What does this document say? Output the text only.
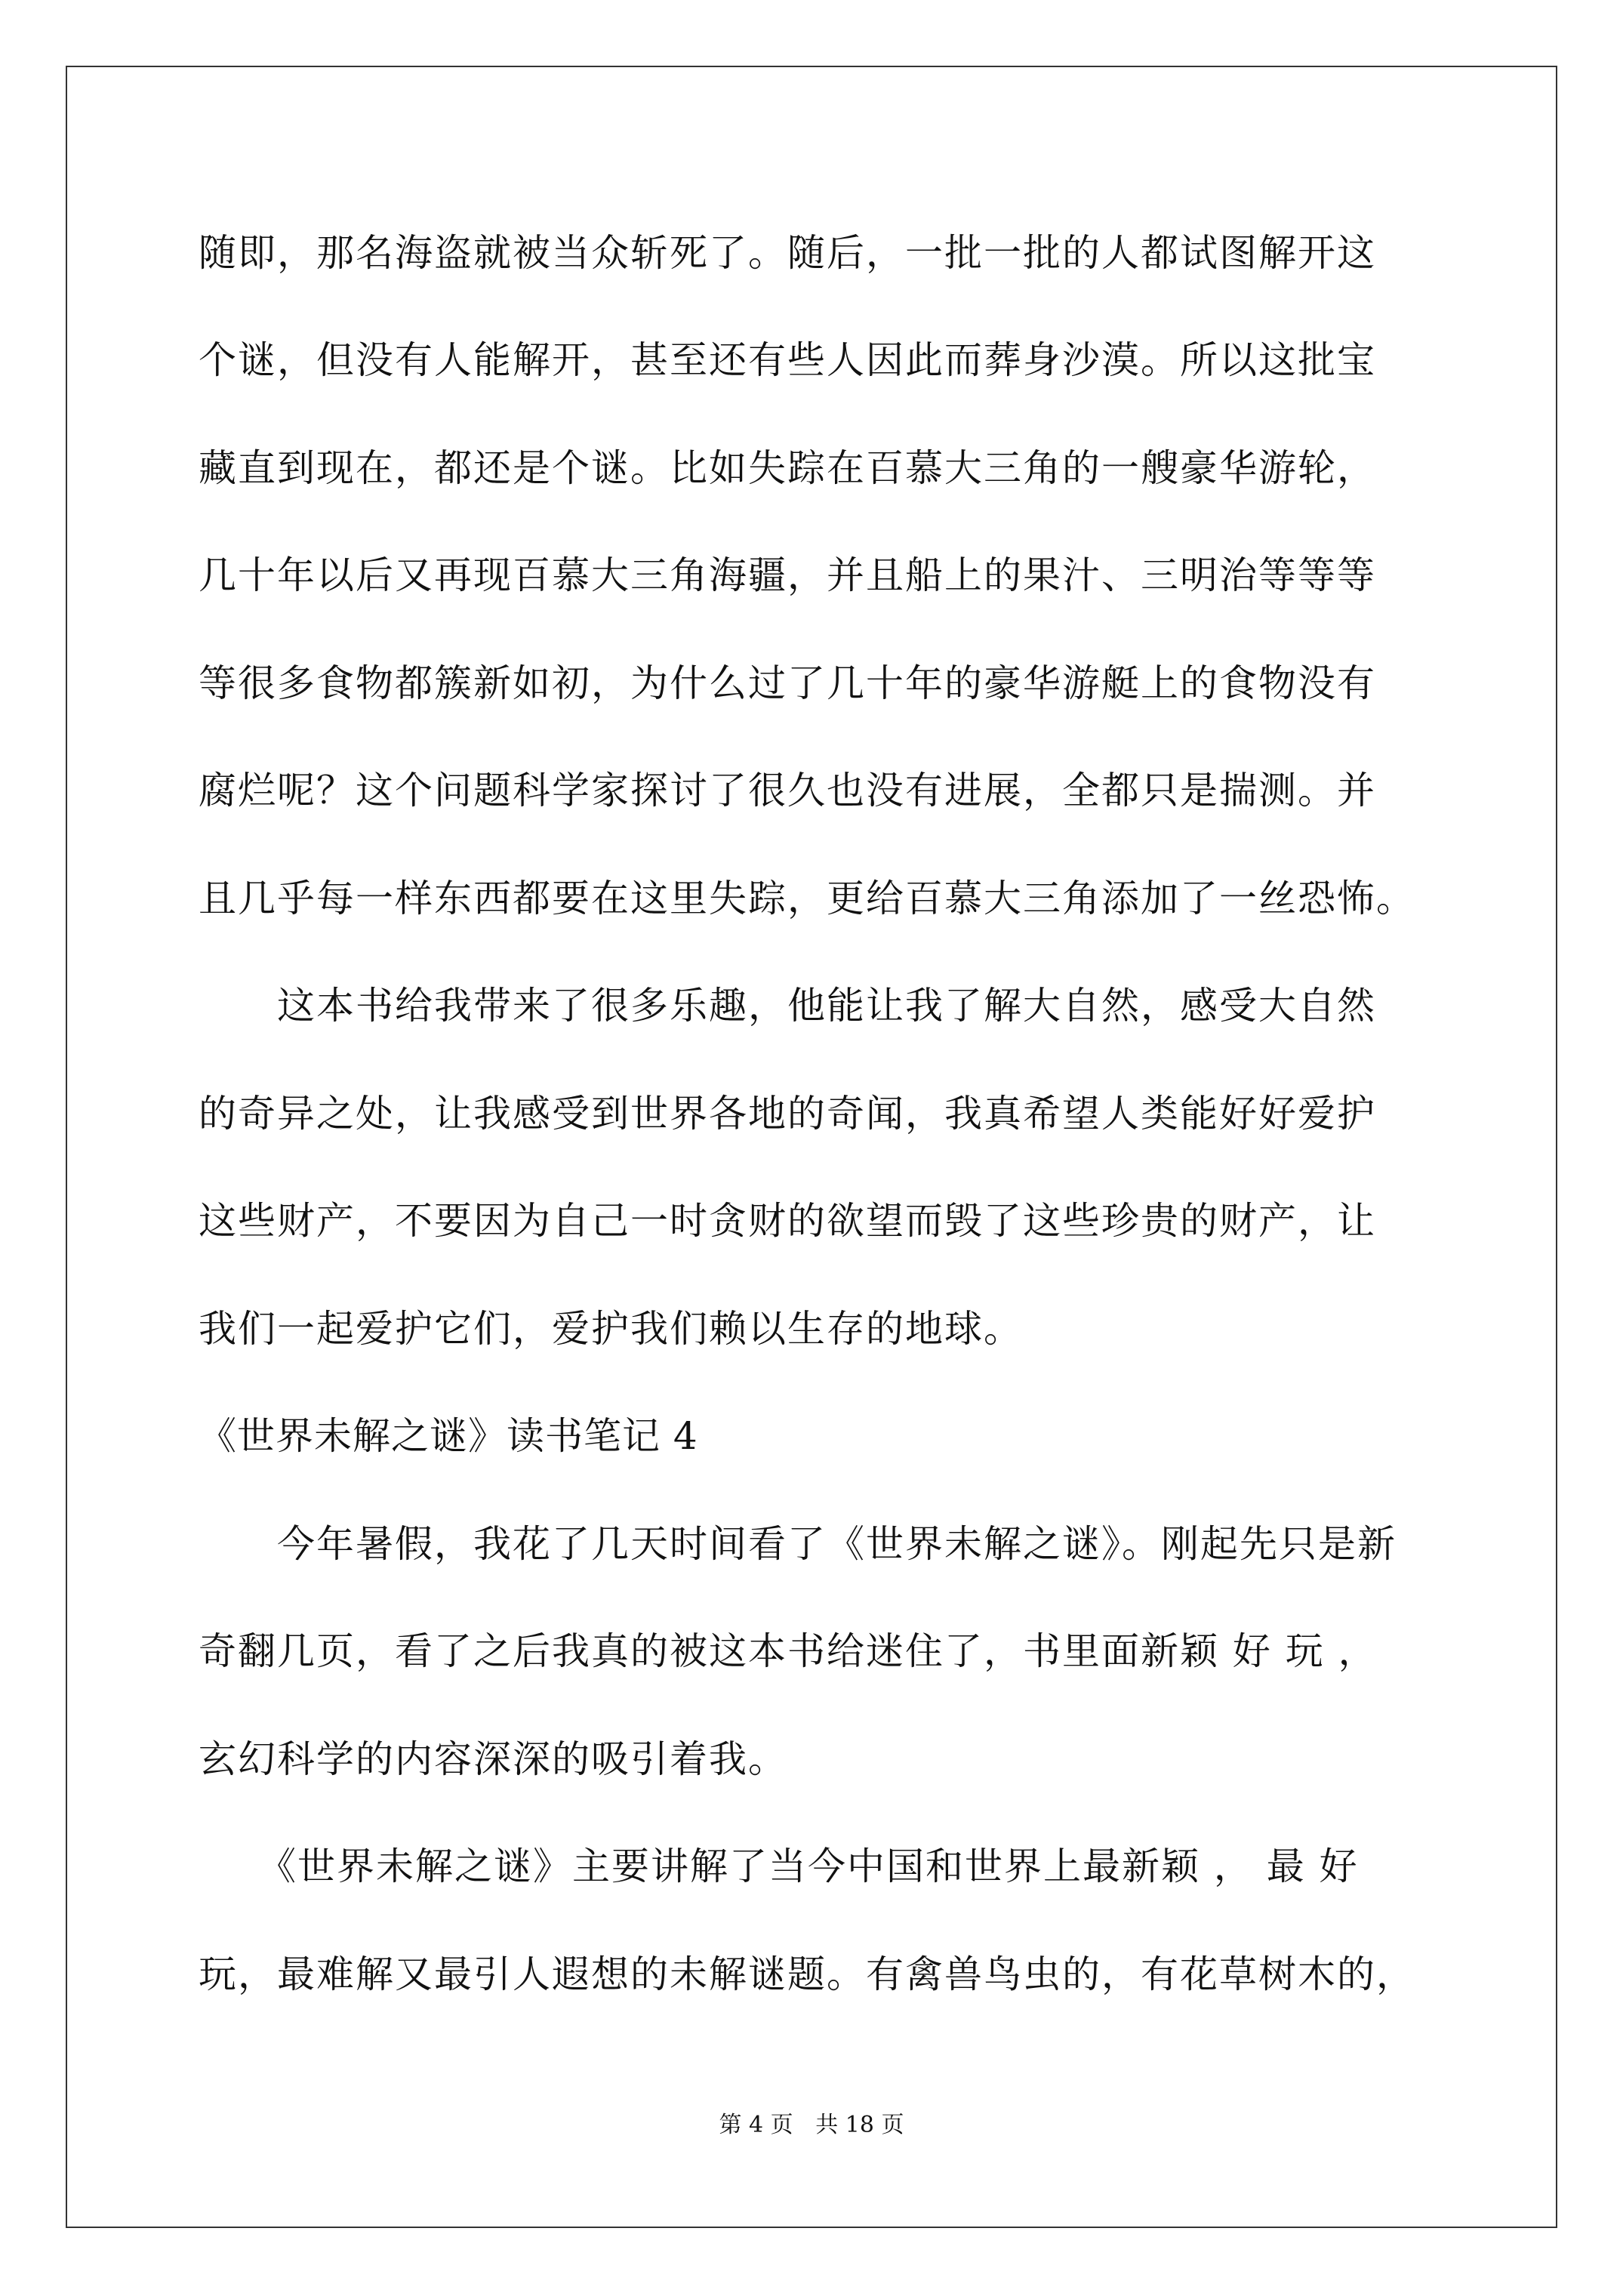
随即，那名海盗就被当众斩死了。随后，一批一批的人都试图解开这
个谜，但没有人能解开，甚至还有些人因此而葬身沙漠。所以这批宝
藏直到现在，都还是个谜。比如失踪在百慕大三角的一艘豪华游轮，
几十年以后又再现百慕大三角海疆，并且船上的果汁、三明治等等等
等很多食物都簇新如初，为什么过了几十年的豪华游艇上的食物没有
腐烂呢？这个问题科学家探讨了很久也没有进展，全都只是揣测。并
且几乎每一样东西都要在这里失踪，更给百慕大三角添加了一丝恐怖。
　　这本书给我带来了很多乐趣，他能让我了解大自然，感受大自然
的奇异之处，让我感受到世界各地的奇闻，我真希望人类能好好爱护
这些财产，不要因为自己一时贪财的欲望而毁了这些珍贵的财产，让
我们一起爱护它们，爱护我们赖以生存的地球。
《世界未解之谜》读书笔记 4
　　今年暑假，我花了几天时间看了《世界未解之谜》。刚起先只是新
奇翻几页，看了之后我真的被这本书给迷住了，书里面新颖 好 玩 ，
玄幻科学的内容深深的吸引着我。
　　《世界未解之谜》主要讲解了当今中国和世界上最新颖 ， 最 好
玩，最难解又最引人遐想的未解谜题。有禽兽鸟虫的，有花草树木的，
第 4 页 共 18 页
